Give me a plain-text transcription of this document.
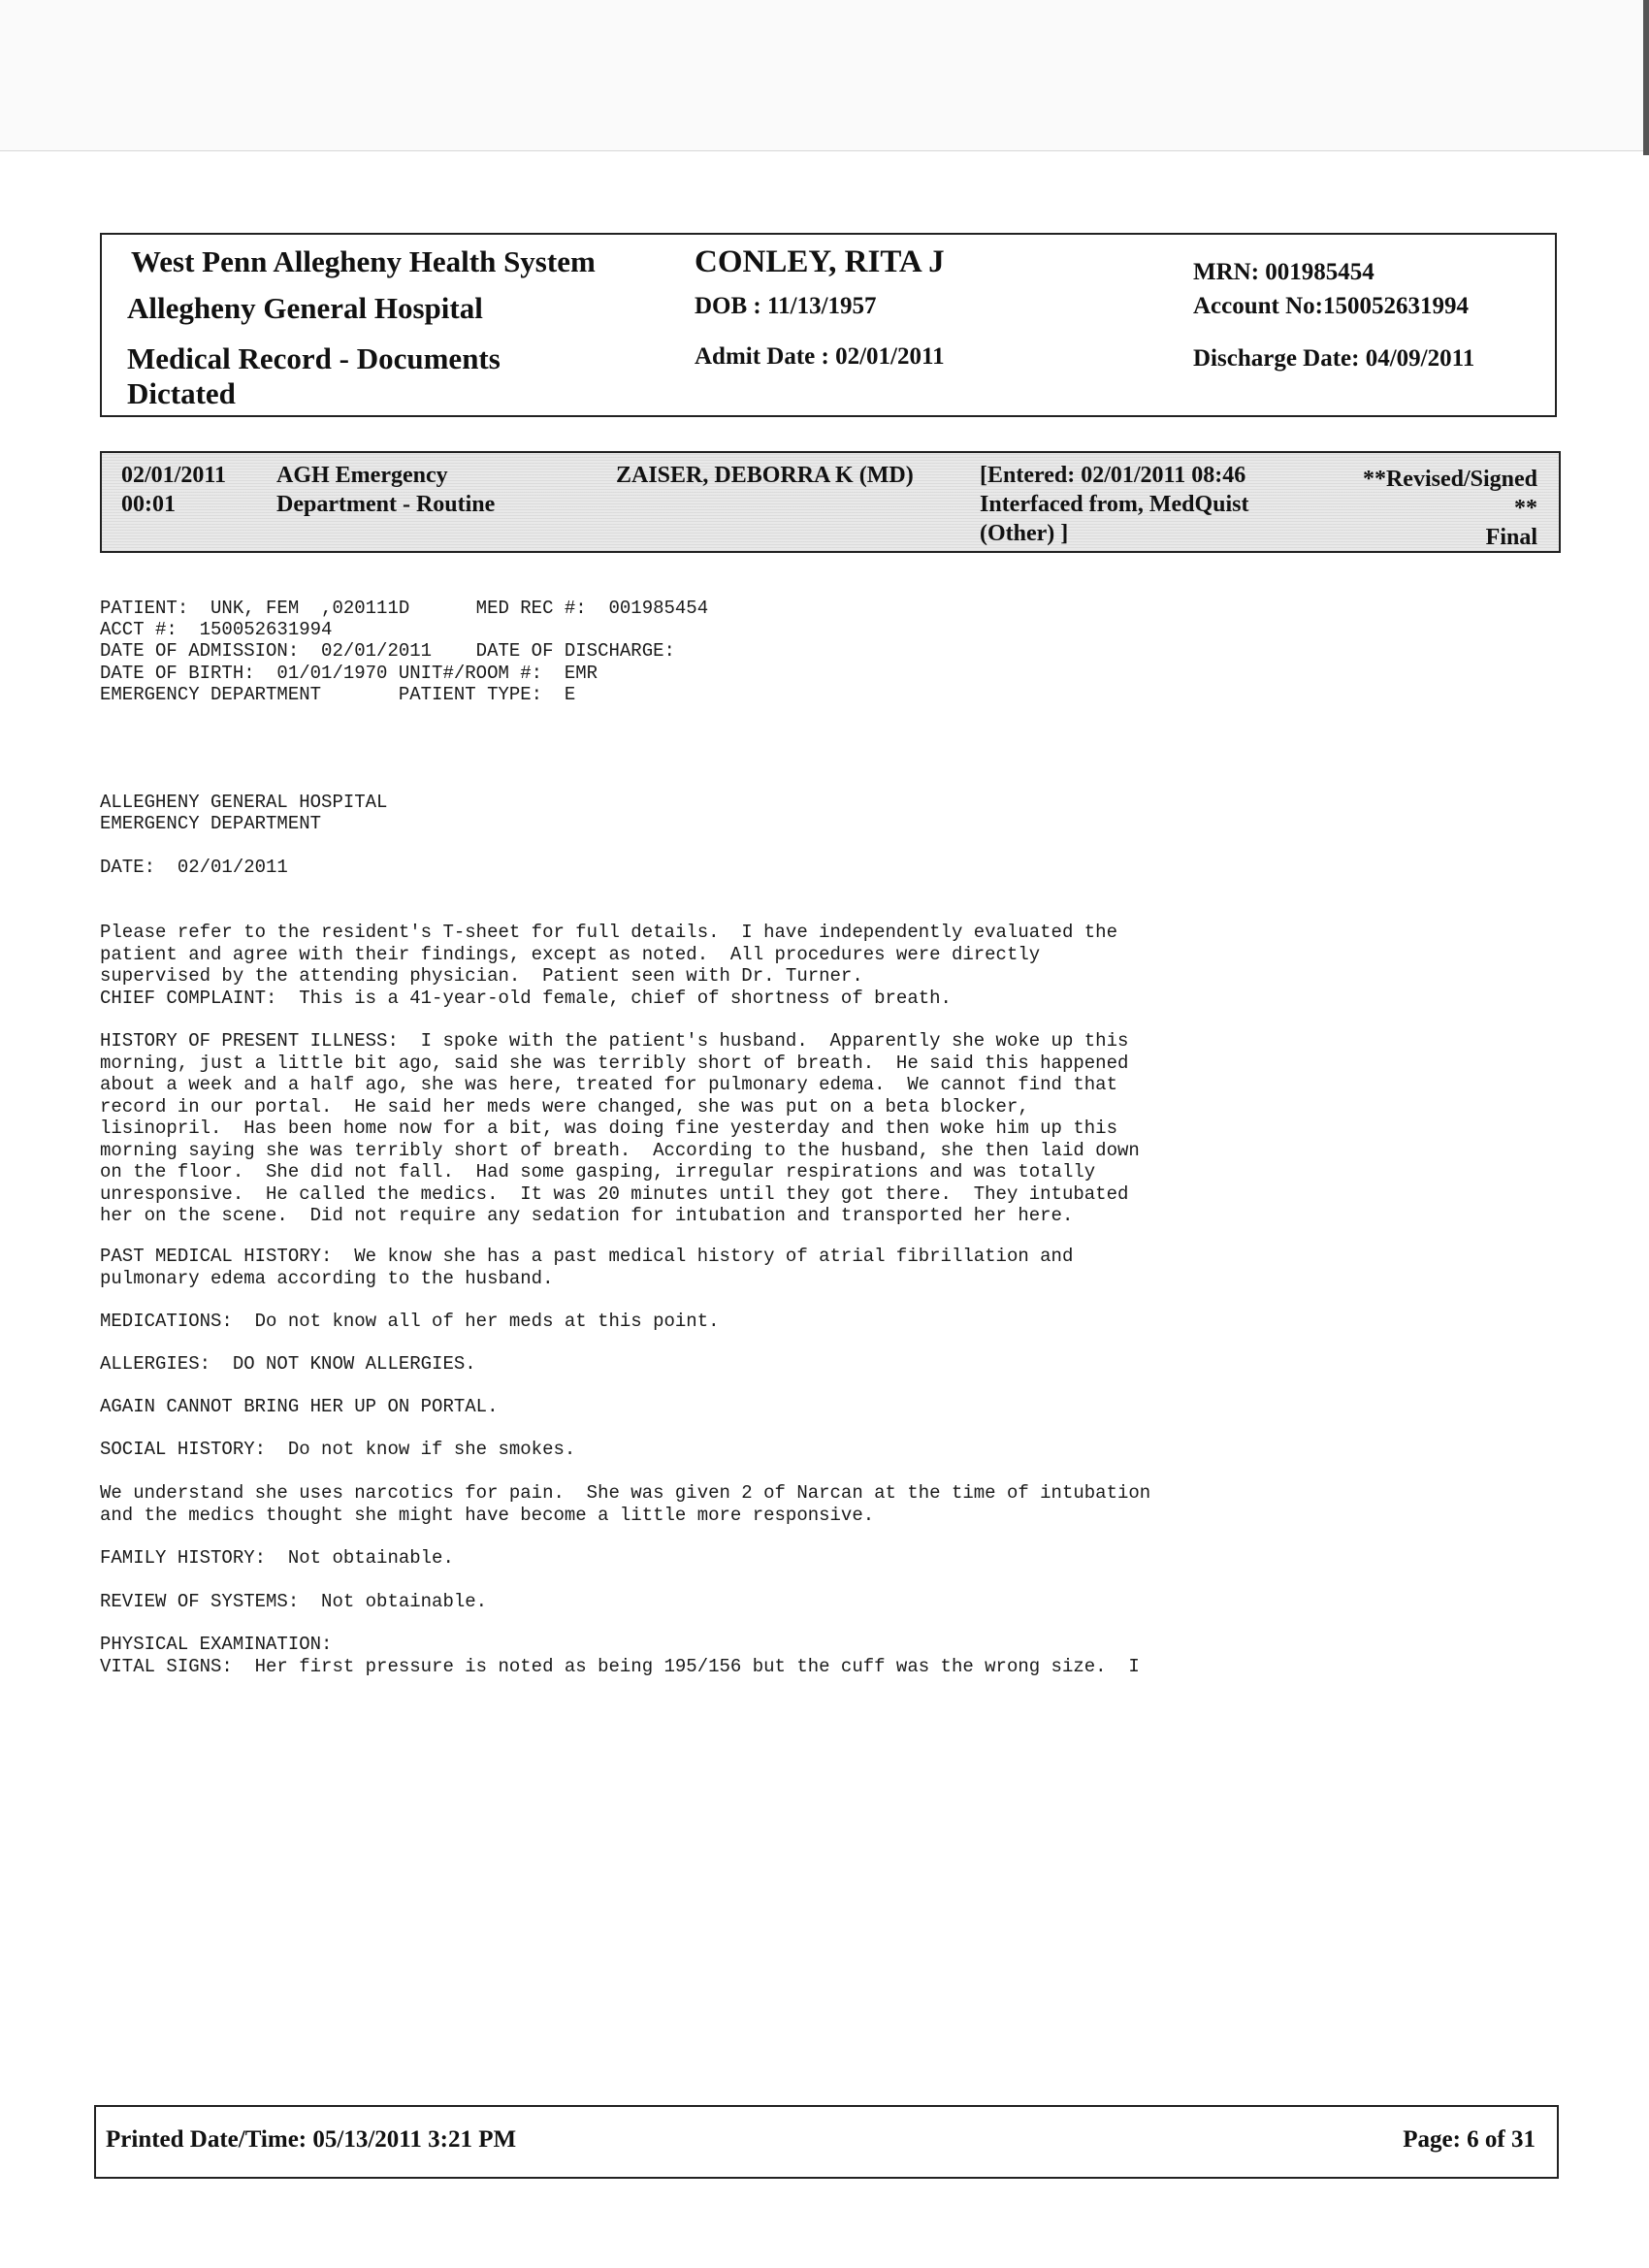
West Penn Allegheny Health System
Allegheny General Hospital
Medical Record - Documents
Dictated
CONLEY, RITA J
DOB : 11/13/1957
Admit Date : 02/01/2011
MRN: 001985454
Account No:150052631994
Discharge Date: 04/09/2011
02/01/2011
00:01
AGH Emergency
Department - Routine
ZAISER, DEBORRA K (MD)	[Entered: 02/01/2011 08:46
Interfaced from, MedQuist
(Other) ]
**Revised/Signed
**
Final
PATIENT:  UNK, FEM  ,020111D      MED REC #:  001985454
ACCT #:  150052631994
DATE OF ADMISSION:  02/01/2011    DATE OF DISCHARGE:
DATE OF BIRTH:  01/01/1970 UNIT#/ROOM #:  EMR
EMERGENCY DEPARTMENT       PATIENT TYPE:  E
ALLEGHENY GENERAL HOSPITAL
EMERGENCY DEPARTMENT
DATE:  02/01/2011
Please refer to the resident's T-sheet for full details.  I have independently evaluated the
patient and agree with their findings, except as noted.  All procedures were directly
supervised by the attending physician.  Patient seen with Dr. Turner.
CHIEF COMPLAINT:  This is a 41-year-old female, chief of shortness of breath.
HISTORY OF PRESENT ILLNESS:  I spoke with the patient's husband.  Apparently she woke up this
morning, just a little bit ago, said she was terribly short of breath.  He said this happened
about a week and a half ago, she was here, treated for pulmonary edema.  We cannot find that
record in our portal.  He said her meds were changed, she was put on a beta blocker,
lisinopril.  Has been home now for a bit, was doing fine yesterday and then woke him up this
morning saying she was terribly short of breath.  According to the husband, she then laid down
on the floor.  She did not fall.  Had some gasping, irregular respirations and was totally
unresponsive.  He called the medics.  It was 20 minutes until they got there.  They intubated
her on the scene.  Did not require any sedation for intubation and transported her here.
PAST MEDICAL HISTORY:  We know she has a past medical history of atrial fibrillation and
pulmonary edema according to the husband.
MEDICATIONS:  Do not know all of her meds at this point.
ALLERGIES:  DO NOT KNOW ALLERGIES.
AGAIN CANNOT BRING HER UP ON PORTAL.
SOCIAL HISTORY:  Do not know if she smokes.
We understand she uses narcotics for pain.  She was given 2 of Narcan at the time of intubation
and the medics thought she might have become a little more responsive.
FAMILY HISTORY:  Not obtainable.
REVIEW OF SYSTEMS:  Not obtainable.
PHYSICAL EXAMINATION:
VITAL SIGNS:  Her first pressure is noted as being 195/156 but the cuff was the wrong size.  I
Printed Date/Time: 05/13/2011 3:21 PM	Page: 6 of 31
